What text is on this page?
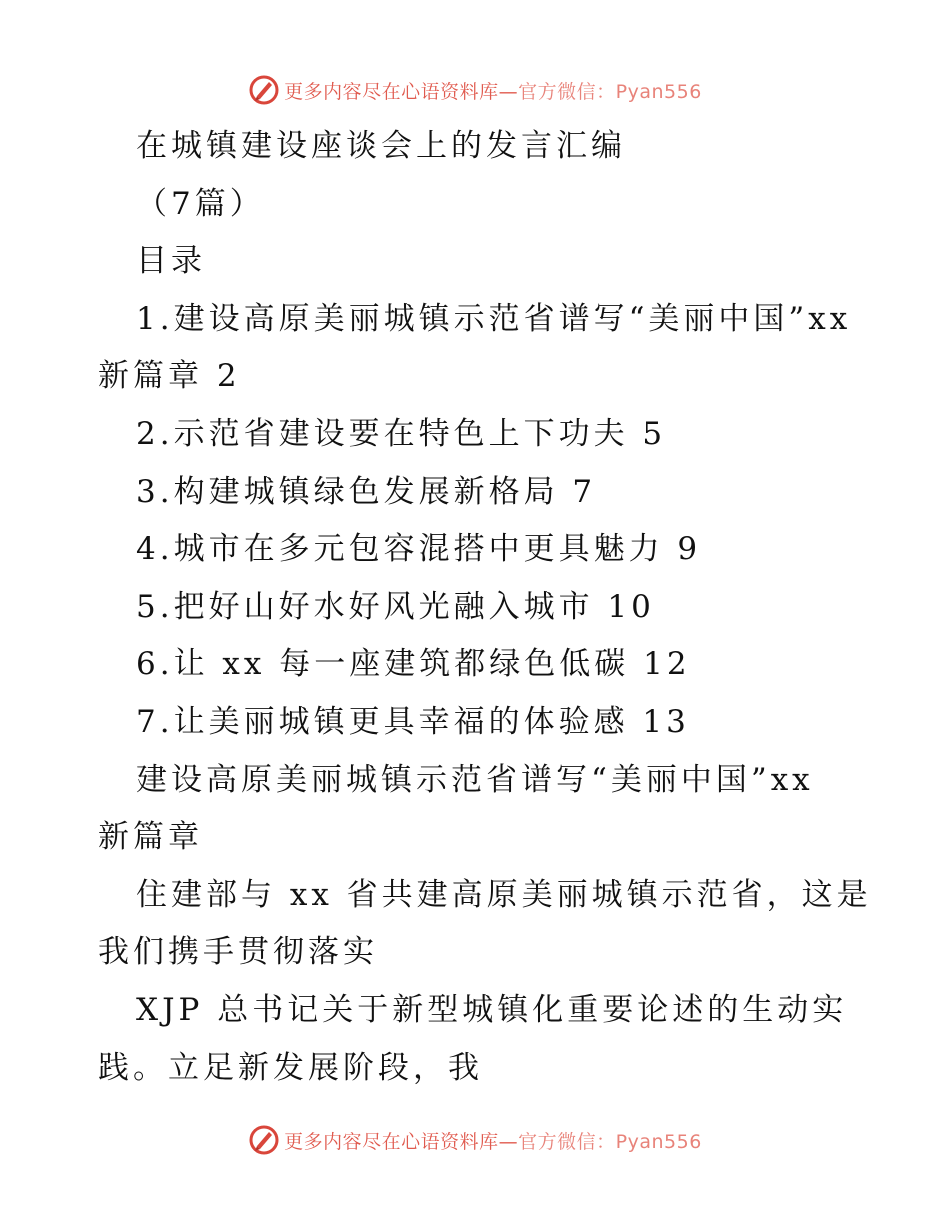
更多内容尽在心语资料库—官方微信：Pyan556

在城镇建设座谈会上的发言汇编

（7篇）

目录

1.建设高原美丽城镇示范省谱写“美丽中国”xx

新篇章 2

2.示范省建设要在特色上下功夫 5

3.构建城镇绿色发展新格局 7

4.城市在多元包容混搭中更具魅力 9

5.把好山好水好风光融入城市 10

6.让 xx 每一座建筑都绿色低碳 12

7.让美丽城镇更具幸福的体验感 13

建设高原美丽城镇示范省谱写“美丽中国”xx

新篇章

住建部与 xx 省共建高原美丽城镇示范省，这是

我们携手贯彻落实

XJP 总书记关于新型城镇化重要论述的生动实

践。立足新发展阶段，我

更多内容尽在心语资料库—官方微信：Pyan556
